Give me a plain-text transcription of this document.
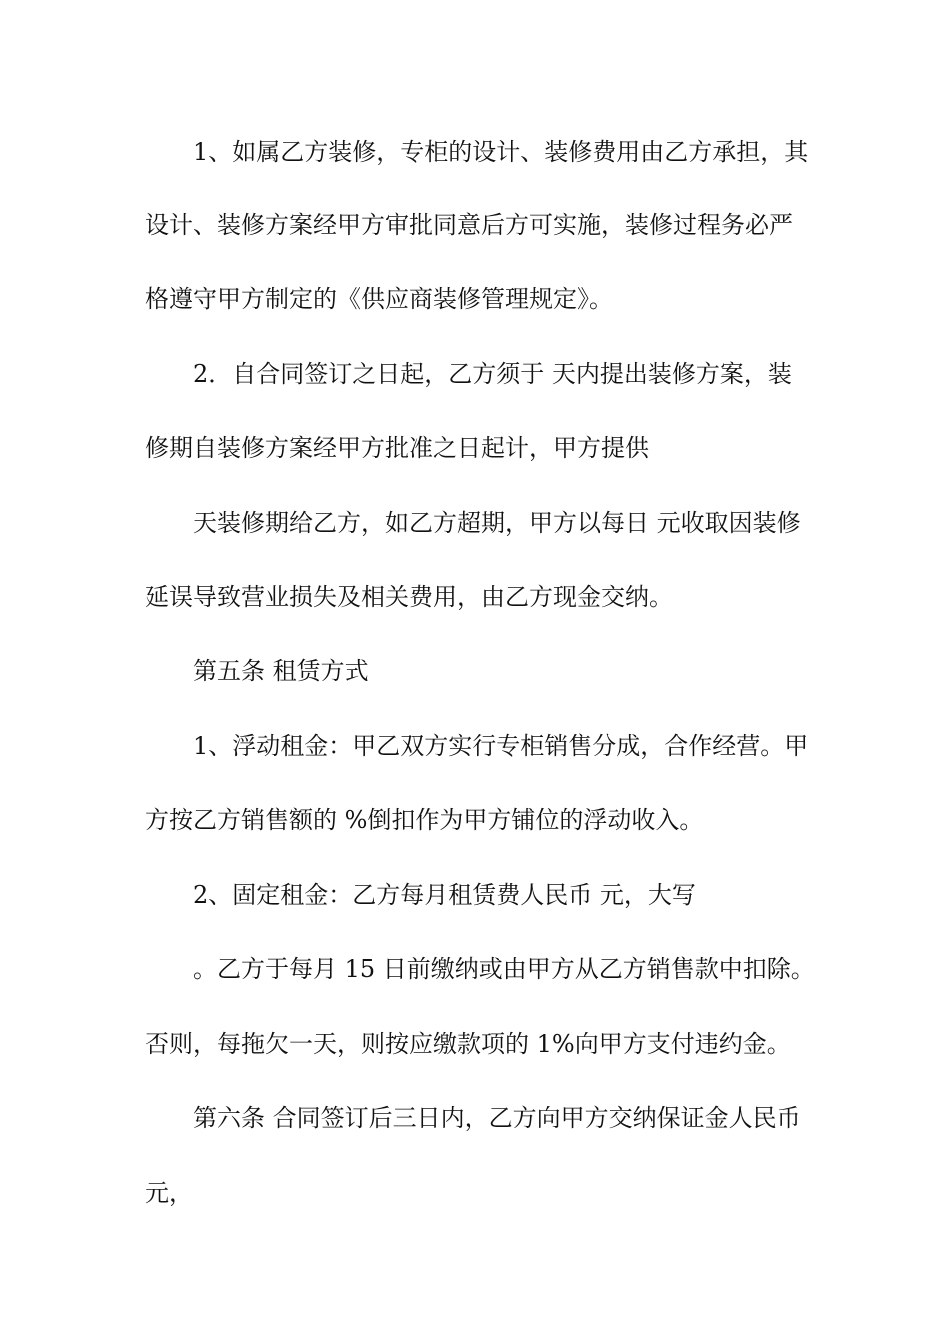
1、如属乙方装修，专柜的设计、装修费用由乙方承担，其
设计、装修方案经甲方审批同意后方可实施，装修过程务必严
格遵守甲方制定的《供应商装修管理规定》。
2．自合同签订之日起，乙方须于 天内提出装修方案，装
修期自装修方案经甲方批准之日起计，甲方提供
天装修期给乙方，如乙方超期，甲方以每日 元收取因装修
延误导致营业损失及相关费用，由乙方现金交纳。
第五条 租赁方式
1、浮动租金：甲乙双方实行专柜销售分成，合作经营。甲
方按乙方销售额的 %倒扣作为甲方铺位的浮动收入。
2、固定租金：乙方每月租赁费人民币 元，大写
。乙方于每月 15 日前缴纳或由甲方从乙方销售款中扣除。
否则，每拖欠一天，则按应缴款项的 1%向甲方支付违约金。
第六条 合同签订后三日内，乙方向甲方交纳保证金人民币
元，
